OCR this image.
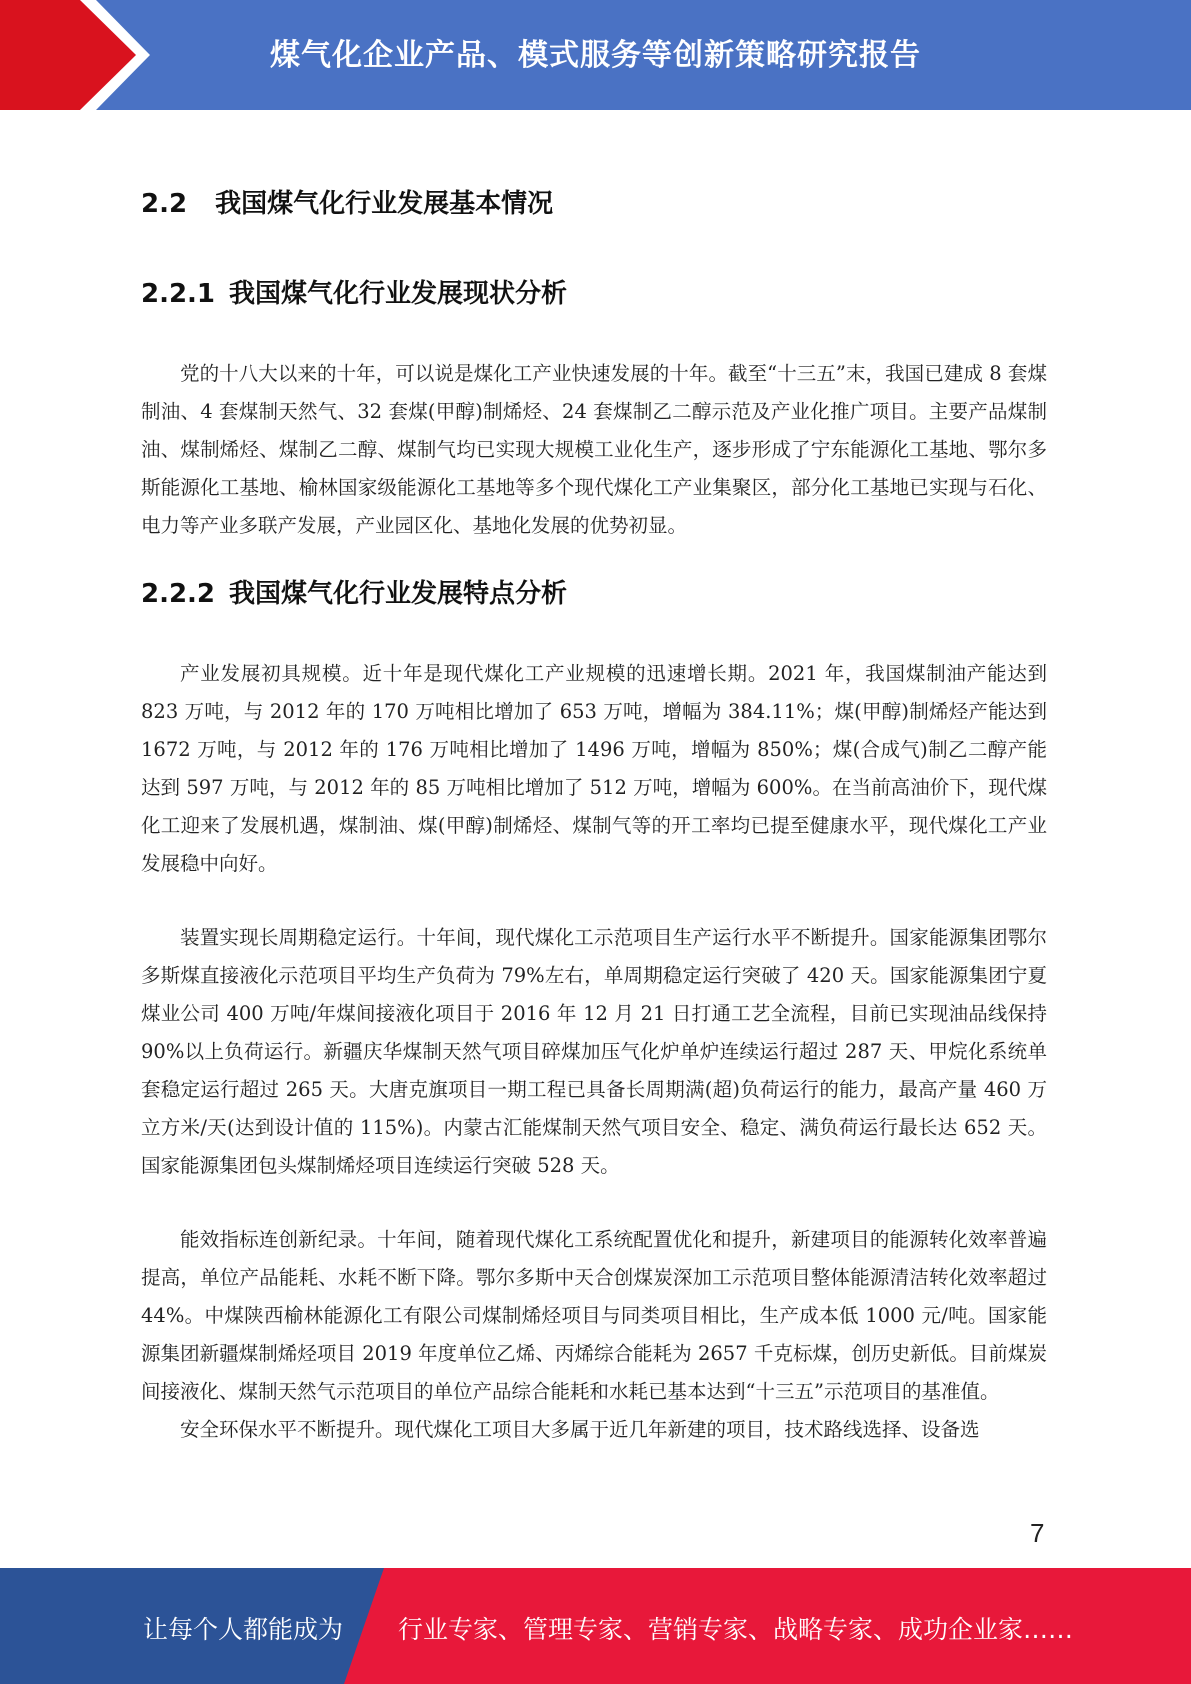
煤气化企业产品、模式服务等创新策略研究报告
2.2 我国煤气化行业发展基本情况
2.2.1 我国煤气化行业发展现状分析

党的十八大以来的十年，可以说是煤化工产业快速发展的十年。截至“十三五”末，我国已建成 8 套煤制油、4 套煤制天然气、32 套煤(甲醇)制烯烃、24 套煤制乙二醇示范及产业化推广项目。主要产品煤制油、煤制烯烃、煤制乙二醇、煤制气均已实现大规模工业化生产，逐步形成了宁东能源化工基地、鄂尔多斯能源化工基地、榆林国家级能源化工基地等多个现代煤化工产业集聚区，部分化工基地已实现与石化、电力等产业多联产发展，产业园区化、基地化发展的优势初显。

2.2.2 我国煤气化行业发展特点分析

产业发展初具规模。近十年是现代煤化工产业规模的迅速增长期。2021 年，我国煤制油产能达到 823 万吨，与 2012 年的 170 万吨相比增加了 653 万吨，增幅为 384.11%；煤(甲醇)制烯烃产能达到 1672 万吨，与 2012 年的 176 万吨相比增加了 1496 万吨，增幅为 850%；煤(合成气)制乙二醇产能达到 597 万吨，与 2012 年的 85 万吨相比增加了 512 万吨，增幅为 600%。在当前高油价下，现代煤化工迎来了发展机遇，煤制油、煤(甲醇)制烯烃、煤制气等的开工率均已提至健康水平，现代煤化工产业发展稳中向好。

装置实现长周期稳定运行。十年间，现代煤化工示范项目生产运行水平不断提升。国家能源集团鄂尔多斯煤直接液化示范项目平均生产负荷为 79%左右，单周期稳定运行突破了 420 天。国家能源集团宁夏煤业公司 400 万吨/年煤间接液化项目于 2016 年 12 月 21 日打通工艺全流程，目前已实现油品线保持 90%以上负荷运行。新疆庆华煤制天然气项目碎煤加压气化炉单炉连续运行超过 287 天、甲烷化系统单套稳定运行超过 265 天。大唐克旗项目一期工程已具备长周期满(超)负荷运行的能力，最高产量 460 万立方米/天(达到设计值的 115%)。内蒙古汇能煤制天然气项目安全、稳定、满负荷运行最长达 652 天。国家能源集团包头煤制烯烃项目连续运行突破 528 天。

能效指标连创新纪录。十年间，随着现代煤化工系统配置优化和提升，新建项目的能源转化效率普遍提高，单位产品能耗、水耗不断下降。鄂尔多斯中天合创煤炭深加工示范项目整体能源清洁转化效率超过 44%。中煤陕西榆林能源化工有限公司煤制烯烃项目与同类项目相比，生产成本低 1000 元/吨。国家能源集团新疆煤制烯烃项目 2019 年度单位乙烯、丙烯综合能耗为 2657 千克标煤，创历史新低。目前煤炭间接液化、煤制天然气示范项目的单位产品综合能耗和水耗已基本达到“十三五”示范项目的基准值。

安全环保水平不断提升。现代煤化工项目大多属于近几年新建的项目，技术路线选择、设备选

7
让每个人都能成为 行业专家、管理专家、营销专家、战略专家、成功企业家……
